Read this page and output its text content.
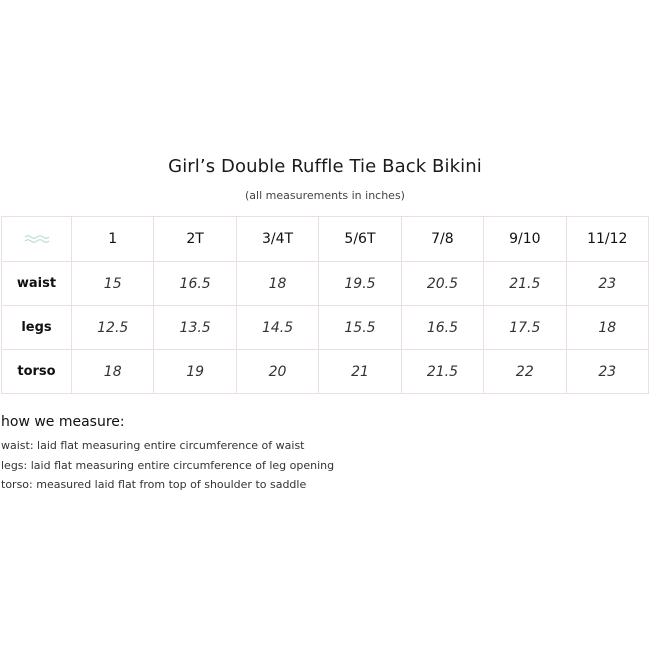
Girl’s Double Ruffle Tie Back Bikini
(all measurements in inches)
	1	2T	3/4T	5/6T	7/8	9/10	11/12
waist	15	16.5	18	19.5	20.5	21.5	23
legs	12.5	13.5	14.5	15.5	16.5	17.5	18
torso	18	19	20	21	21.5	22	23

how we measure:

waist: laid flat measuring entire circumference of waist

legs: laid flat measuring entire circumference of leg opening

torso: measured laid flat from top of shoulder to saddle
